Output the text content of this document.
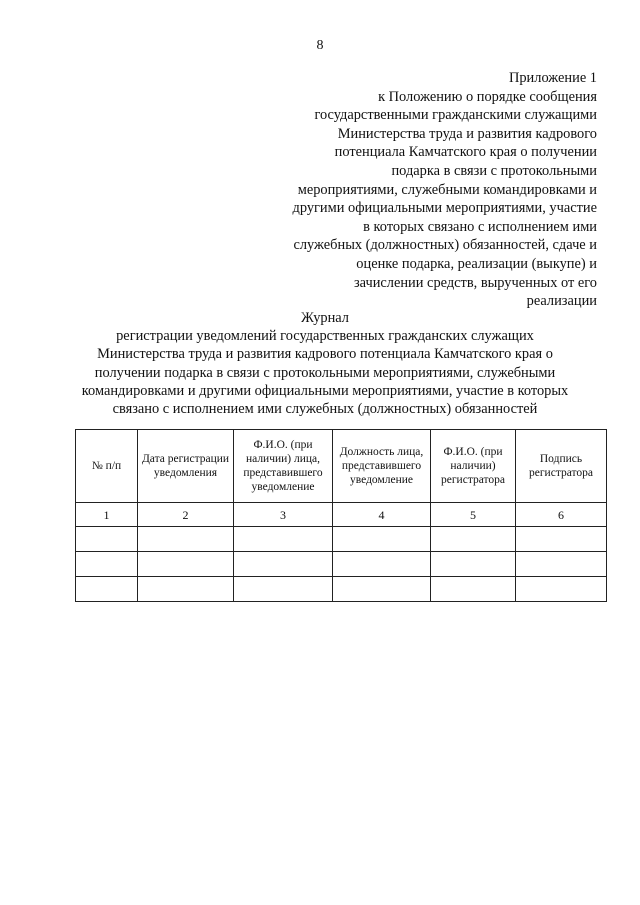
8
Приложение 1
к Положению о порядке сообщения
государственными гражданскими служащими
Министерства труда и развития кадрового
потенциала Камчатского края о получении
подарка в связи с протокольными
мероприятиями, служебными командировками и
другими официальными мероприятиями, участие
в которых связано с исполнением ими
служебных (должностных) обязанностей, сдаче и
оценке подарка, реализации (выкупе) и
зачислении средств, вырученных от его
реализации
Журнал
регистрации уведомлений государственных гражданских служащих
Министерства труда и развития кадрового потенциала Камчатского края о
получении подарка в связи с протокольными мероприятиями, служебными
командировками и другими официальными мероприятиями, участие в которых
связано с исполнением ими служебных (должностных) обязанностей
№ п/п	Дата регистрации уведомления	Ф.И.О. (при наличии) лица, представившего уведомление	Должность лица, представившего уведомление	Ф.И.О. (при наличии) регистратора	Подпись регистратора
1	2	3	4	5	6
